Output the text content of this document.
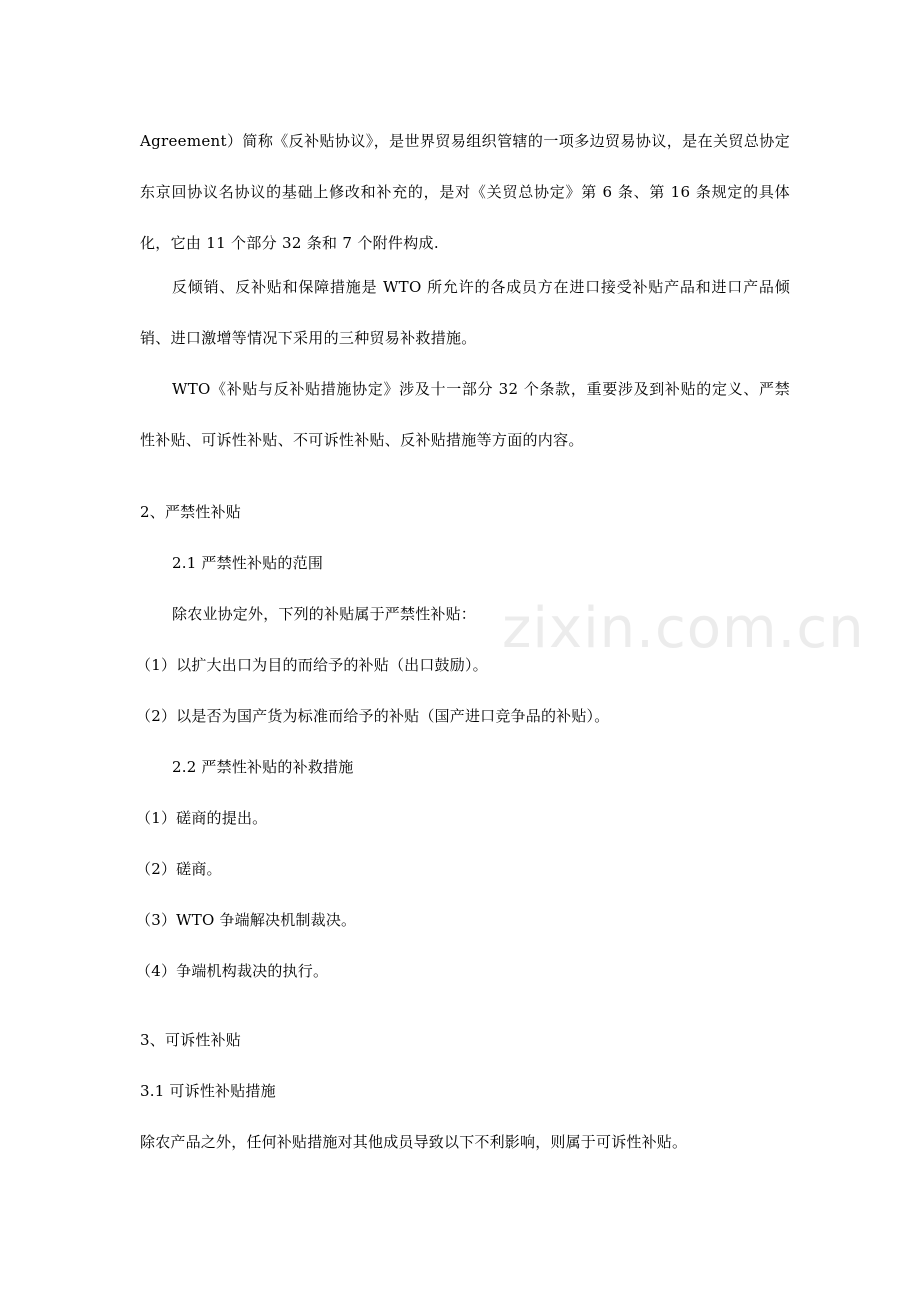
zixin.com.cn
Agreement）简称《反补贴协议》，是世界贸易组织管辖的一项多边贸易协议，是在关贸总协定东京回协议名协议的基础上修改和补充的，是对《关贸总协定》第 6 条、第 16 条规定的具体化，它由 11 个部分 32 条和 7 个附件构成.
反倾销、反补贴和保障措施是 WTO 所允许的各成员方在进口接受补贴产品和进口产品倾销、进口激增等情况下采用的三种贸易补救措施。
WTO《补贴与反补贴措施协定》涉及十一部分 32 个条款，重要涉及到补贴的定义、严禁性补贴、可诉性补贴、不可诉性补贴、反补贴措施等方面的内容。
2、严禁性补贴
2.1 严禁性补贴的范围
除农业协定外，下列的补贴属于严禁性补贴：
（1）以扩大出口为目的而给予的补贴（出口鼓励）。
（2）以是否为国产货为标准而给予的补贴（国产进口竞争品的补贴）。
2.2 严禁性补贴的补救措施
（1）磋商的提出。
（2）磋商。
（3）WTO 争端解决机制裁决。
（4）争端机构裁决的执行。
3、可诉性补贴
3.1 可诉性补贴措施
除农产品之外，任何补贴措施对其他成员导致以下不利影响，则属于可诉性补贴。
